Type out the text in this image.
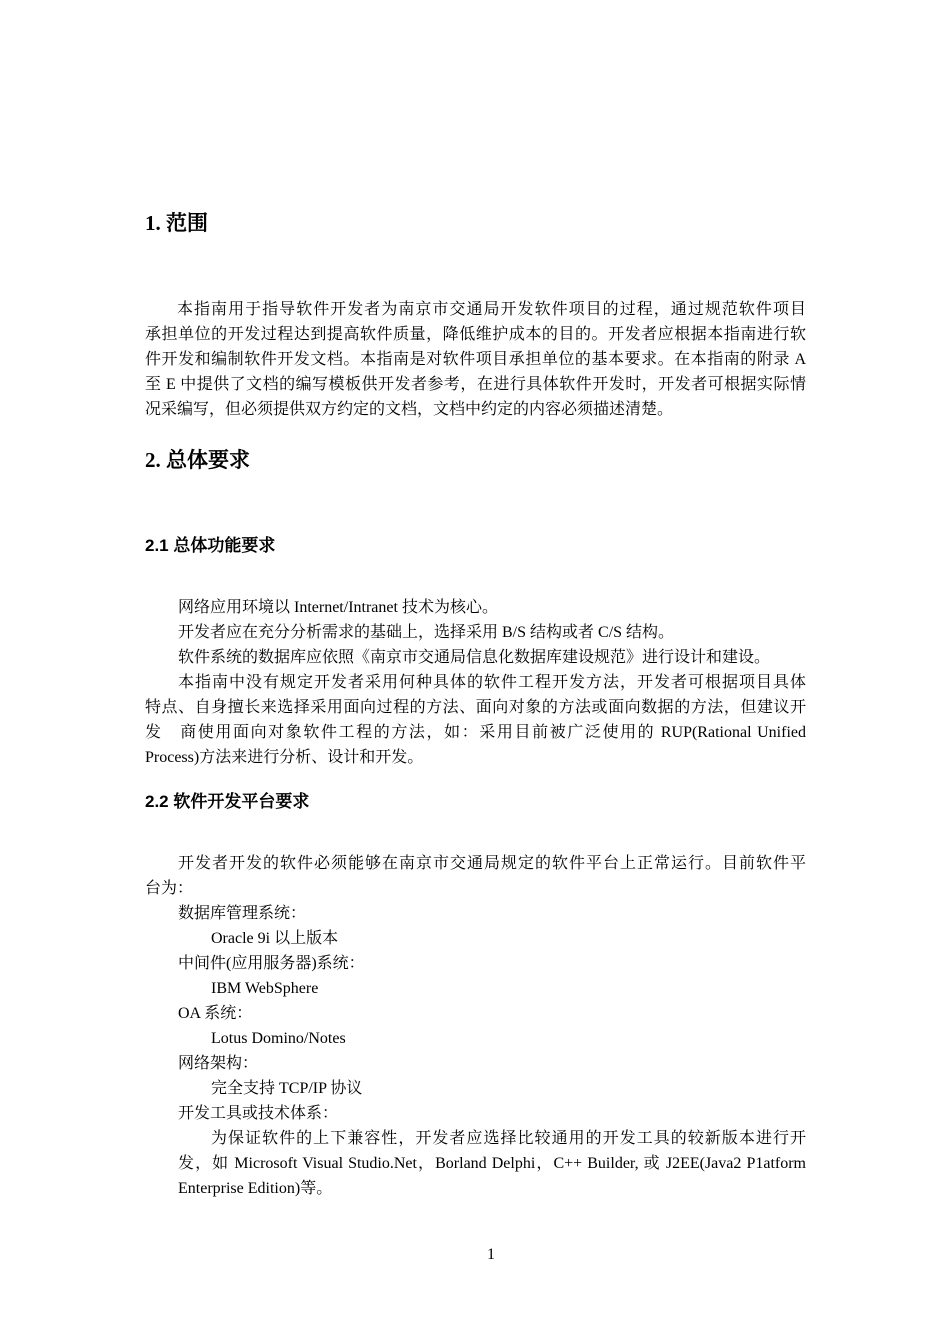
1. 范围
本指南用于指导软件开发者为南京市交通局开发软件项目的过程，通过规范软件项目
承担单位的开发过程达到提高软件质量，降低维护成本的目的。开发者应根据本指南进行软
件开发和编制软件开发文档。本指南是对软件项目承担单位的基本要求。在本指南的附录 A
至 E 中提供了文档的编写模板供开发者参考，在进行具体软件开发时，开发者可根据实际情
况采编写，但必须提供双方约定的文档，文档中约定的内容必须描述清楚。
2. 总体要求
2.1 总体功能要求
网络应用环境以 Internet/Intranet 技术为核心。
开发者应在充分分析需求的基础上，选择采用 B/S 结构或者 C/S 结构。
软件系统的数据库应依照《南京市交通局信息化数据库建设规范》进行设计和建设。
本指南中没有规定开发者采用何种具体的软件工程开发方法，开发者可根据项目具体
特点、自身擅长来选择采用面向过程的方法、面向对象的方法或面向数据的方法，但建议开
发　商使用面向对象软件工程的方法，如：采用目前被广泛使用的 RUP(Rational Unified
Process)方法来进行分析、设计和开发。
2.2 软件开发平台要求
开发者开发的软件必须能够在南京市交通局规定的软件平台上正常运行。目前软件平
台为：
数据库管理系统：
Oracle 9i 以上版本
中间件(应用服务器)系统：
IBM WebSphere
OA 系统：
Lotus Domino/Notes
网络架构：
完全支持 TCP/IP 协议
开发工具或技术体系：
为保证软件的上下兼容性，开发者应选择比较通用的开发工具的较新版本进行开
发，如 Microsoft Visual Studio.Net，Borland Delphi，C++ Builder, 或 J2EE(Java2 P1atform
Enterprise Edition)等。
1
